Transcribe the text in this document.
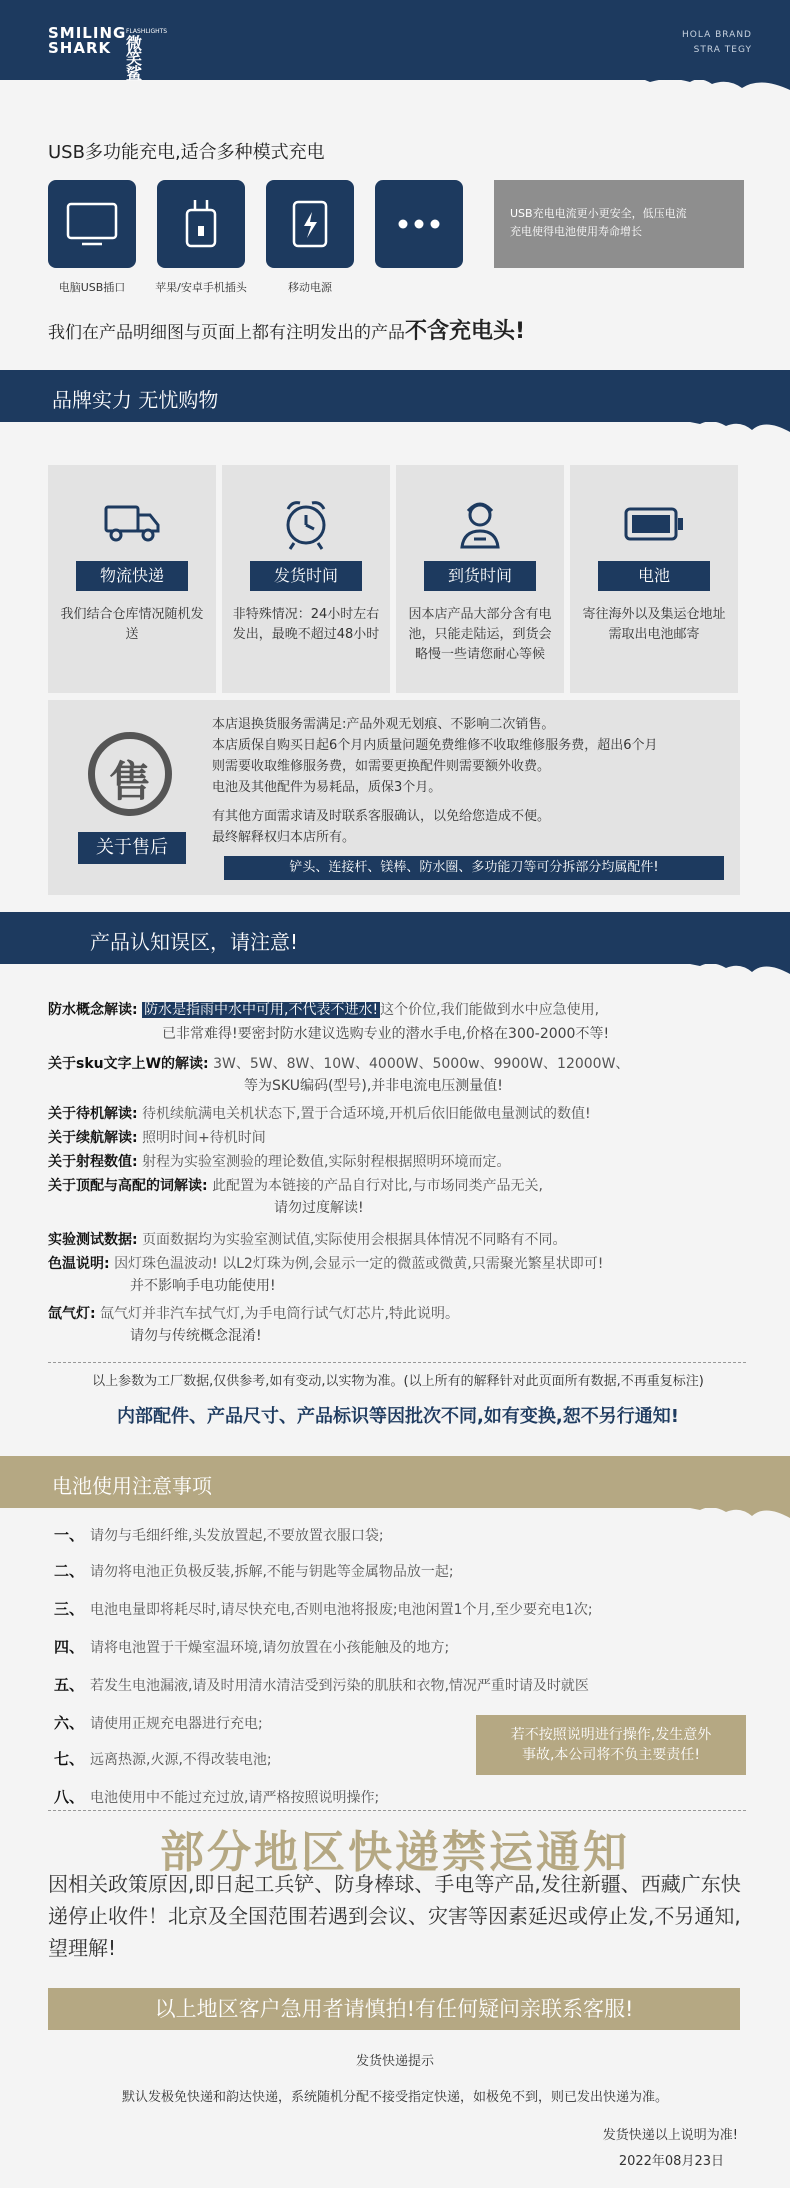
SMILING
SHARK 微笑鲨
FLASHLIGHTS	HOLA BRAND
STRA TEGY
USB多功能充电,适合多种模式充电
电脑USB插口	苹果/安卓手机插头	移动电源
USB充电电流更小更安全，低压电流
充电使得电池使用寿命增长
我们在产品明细图与页面上都有注明发出的产品不含充电头!
品牌实力 无忧购物
物流快递
我们结合仓库情况随机发送
发货时间
非特殊情况：24小时左右发出，最晚不超过48小时
到货时间
因本店产品大部分含有电池，只能走陆运，到货会略慢一些请您耐心等候
电池
寄往海外以及集运仓地址需取出电池邮寄
售
关于售后
本店退换货服务需满足:产品外观无划痕、不影响二次销售。
本店质保自购买日起6个月内质量问题免费维修不收取维修服务费，超出6个月
则需要收取维修服务费，如需要更换配件则需要额外收费。
电池及其他配件为易耗品，质保3个月。
有其他方面需求请及时联系客服确认，以免给您造成不便。
最终解释权归本店所有。
铲头、连接杆、镁棒、防水圈、多功能刀等可分拆部分均属配件!
产品认知误区，请注意!
防水概念解读: 防水是指雨中水中可用,不代表不进水! 这个价位,我们能做到水中应急使用,
已非常难得!要密封防水建议选购专业的潜水手电,价格在300-2000不等!
关于sku文字上W的解读: 3W、5W、8W、10W、4000W、5000w、9900W、12000W、
等为SKU编码(型号),并非电流电压测量值!
关于待机解读: 待机续航满电关机状态下,置于合适环境,开机后依旧能做电量测试的数值!
关于续航解读: 照明时间+待机时间
关于射程数值: 射程为实验室测验的理论数值,实际射程根据照明环境而定。
关于顶配与高配的词解读: 此配置为本链接的产品自行对比,与市场同类产品无关,
请勿过度解读!
实验测试数据: 页面数据均为实验室测试值,实际使用会根据具体情况不同略有不同。
色温说明: 因灯珠色温波动! 以L2灯珠为例,会显示一定的微蓝或微黄,只需聚光繁星状即可!
并不影响手电功能使用!
氙气灯: 氙气灯并非汽车拭气灯,为手电筒行试气灯芯片,特此说明。
请勿与传统概念混淆!
以上参数为工厂数据,仅供参考,如有变动,以实物为准。(以上所有的解释针对此页面所有数据,不再重复标注)
内部配件、产品尺寸、产品标识等因批次不同,如有变换,恕不另行通知!
电池使用注意事项
一、 请勿与毛细纤维,头发放置起,不要放置衣服口袋;
二、 请勿将电池正负极反装,拆解,不能与钥匙等金属物品放一起;
三、 电池电量即将耗尽时,请尽快充电,否则电池将报废;电池闲置1个月,至少要充电1次;
四、 请将电池置于干燥室温环境,请勿放置在小孩能触及的地方;
五、 若发生电池漏液,请及时用清水清洁受到污染的肌肤和衣物,情况严重时请及时就医
六、 请使用正规充电器进行充电;
七、 远离热源,火源,不得改装电池;
八、 电池使用中不能过充过放,请严格按照说明操作;
若不按照说明进行操作,发生意外
事故,本公司将不负主要责任!
部分地区快递禁运通知
因相关政策原因,即日起工兵铲、防身棒球、手电等产品,发往新疆、西藏广东快递停止收件！北京及全国范围若遇到会议、灾害等因素延迟或停止发,不另通知,望理解!
以上地区客户急用者请慎拍!有任何疑问亲联系客服!
发货快递提示
默认发极免快递和韵达快递，系统随机分配不接受指定快递，如极免不到，则已发出快递为准。
发货快递以上说明为准!
2022年08月23日
